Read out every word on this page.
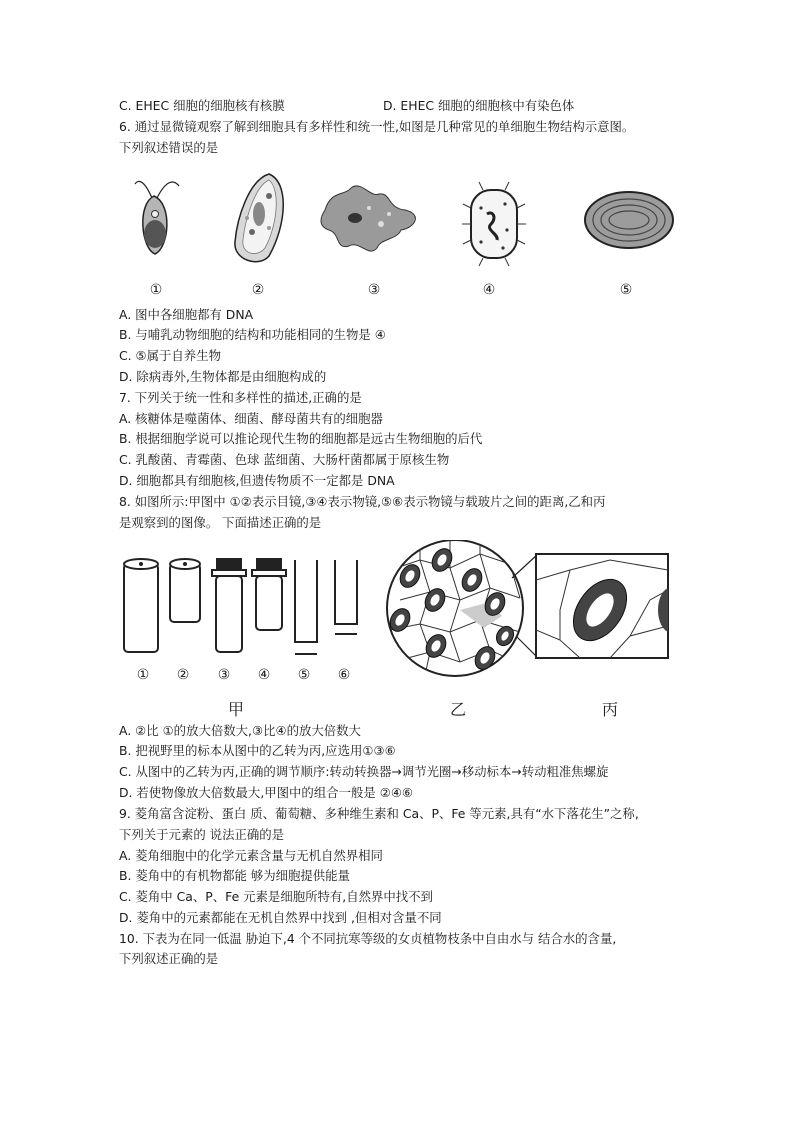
C. EHEC 细胞的细胞核有核膜	D. EHEC 细胞的细胞核中有染色体
6. 通过显微镜观察了解到细胞具有多样性和统一性,如图是几种常见的单细胞生物结构示意图。
下列叙述错误的是
①	②	③	④	⑤
A. 图中各细胞都有 DNA
B. 与哺乳动物细胞的结构和功能相同的生物是 ④
C. ⑤属于自养生物
D. 除病毒外,生物体都是由细胞构成的
7. 下列关于统一性和多样性的描述,正确的是
A. 核糖体是噬菌体、细菌、酵母菌共有的细胞器
B. 根据细胞学说可以推论现代生物的细胞都是远古生物细胞的后代
C. 乳酸菌、青霉菌、色球 蓝细菌、大肠杆菌都属于原核生物
D. 细胞都具有细胞核,但遗传物质不一定都是 DNA
8. 如图所示:甲图中 ①②表示目镜,③④表示物镜,⑤⑥表示物镜与载玻片之间的距离,乙和丙
是观察到的图像。 下面描述正确的是
①	②	③	④	⑤	⑥
甲	乙	丙
A. ②比 ①的放大倍数大,③比④的放大倍数大
B. 把视野里的标本从图中的乙转为丙,应选用①③⑥
C. 从图中的乙转为丙,正确的调节顺序:转动转换器→调节光圈→移动标本→转动粗准焦螺旋
D. 若使物像放大倍数最大,甲图中的组合一般是 ②④⑥
9. 菱角富含淀粉、蛋白 质、葡萄糖、多种维生素和 Ca、P、Fe 等元素,具有“水下落花生”之称,
下列关于元素的 说法正确的是
A. 菱角细胞中的化学元素含量与无机自然界相同
B. 菱角中的有机物都能 够为细胞提供能量
C. 菱角中 Ca、P、Fe 元素是细胞所特有,自然界中找不到
D. 菱角中的元素都能在无机自然界中找到 ,但相对含量不同
10. 下表为在同一低温 胁迫下,4 个不同抗寒等级的女贞植物枝条中自由水与 结合水的含量,
下列叙述正确的是
